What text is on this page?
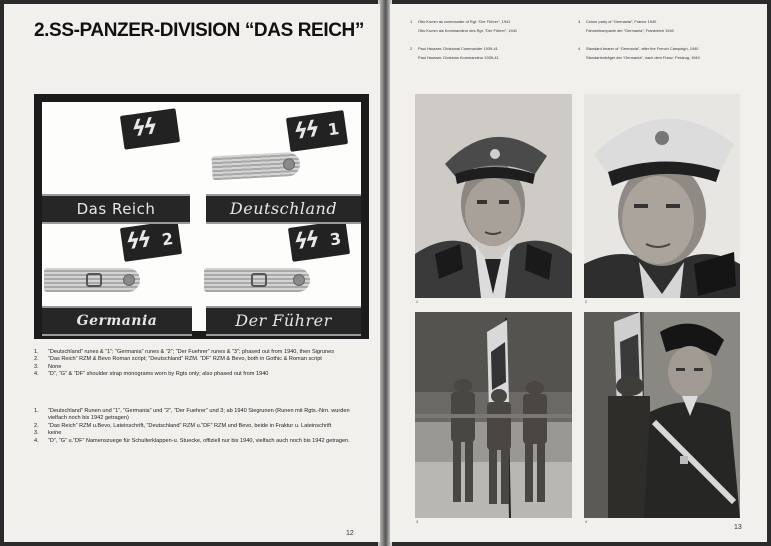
2.SS-PANZER-DIVISION “DAS REICH”
ϟϟ	ϟϟ 1
ϟϟ 2	ϟϟ 3
Das Reich	Deutschland
Germania	Der Führer
1. “Deutschland” runes & “1”; “Germania” runes & “2”; “Der Fuehrer” runes & “3”; phased out from 1940, then Sigrunes
2. “Das Reich” RZM & Bevo Roman script; “Deutschland” RZM. “DF” RZM & Bevo, both in Gothic & Roman script
3. None
4. “D”, “G” & “DF” shoulder strap monograms worn by Rgts only; also phased out from 1940
1. “Deutschland” Runen und “1”, “Germania” und “2”, “Der Fuehrer” und 3; ab 1940 Siegrunen (Runen mit Rgts.-Nrn. wurden vielfach noch bis 1942 getragen)
2. “Das Reich” RZM u.Bevo, Lateinschrift, “Deutschland” RZM u.“DF” RZM und Bevo, beide in Fraktur u. Lateinschrift
3. keine
4. “D”, “G” u.“DF” Namenszuege für Schulterklappen-u. Stuecke, offiziell nur bis 1940, vielfach auch noch bis 1942 getragen.
12
1 Otto Kumm as commander of Rgt. “Der Führer”, 1941
Otto Kumm als Kommandeur des Rgt. “Der Führer”, 1941
2 Paul Hausser, Divisional Commander 1939-41
Paul Hausser, Divisions Kommandeur 1939-41
3 Colour party of “Germania”, France 1940
Fahnenkompanie der “Germania”, Frankreich 1940
4 Standard bearer of “Germania”, after the French Campaign, 1940
Standartenträger der “Germania”, nach dem Franz. Feldzug, 1940
1	2
3	4
13
